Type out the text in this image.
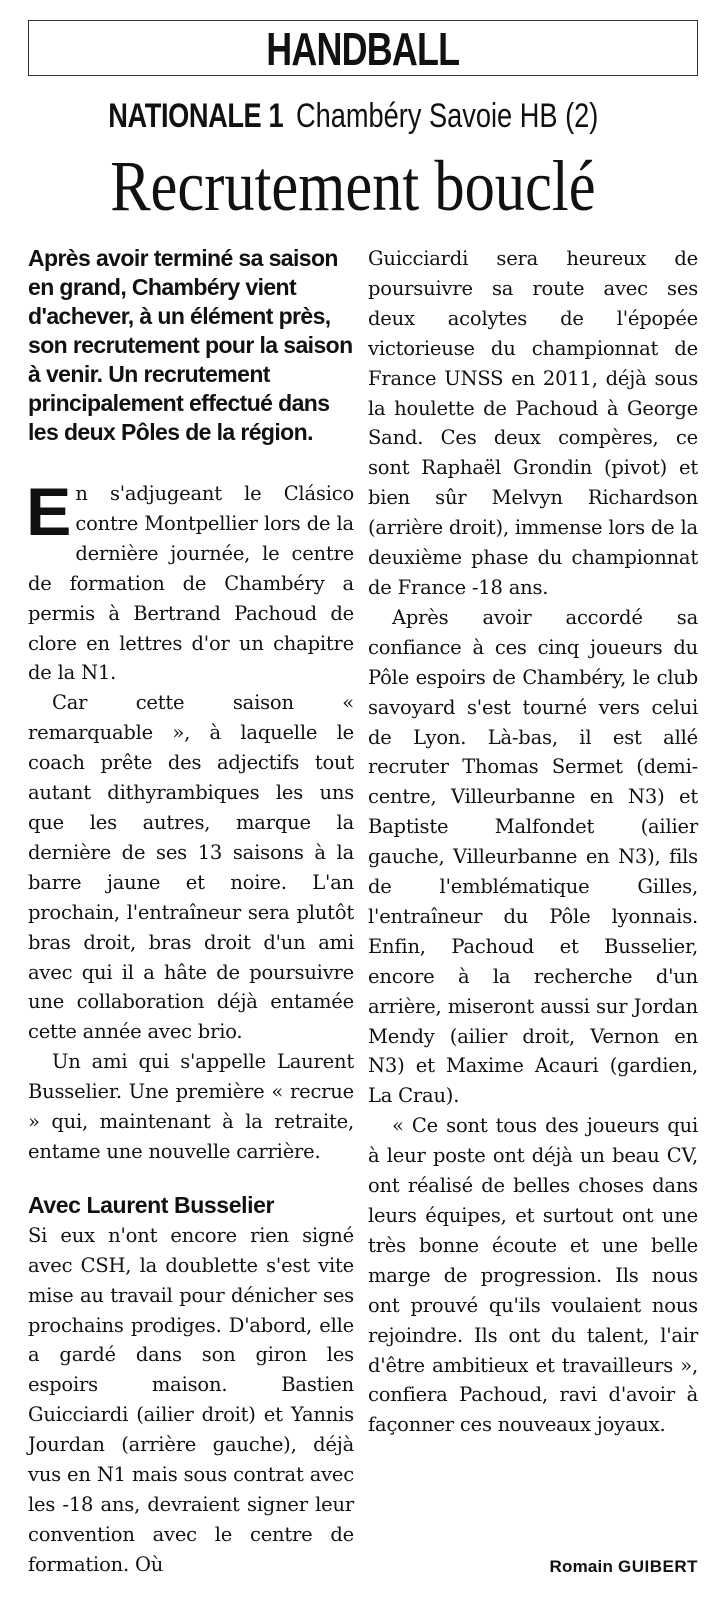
HANDBALL
NATIONALE 1 Chambéry Savoie HB (2)
Recrutement bouclé

Après avoir terminé sa saison en grand, Chambéry vient d'achever, à un élément près, son recrutement pour la saison à venir. Un recrutement principalement effectué dans les deux Pôles de la région.

En s'adjugeant le Clásico contre Montpellier lors de la dernière journée, le centre de formation de Chambéry a permis à Bertrand Pachoud de clore en lettres d'or un chapitre de la N1.

Car cette saison « remarquable », à laquelle le coach prête des adjectifs tout autant dithyrambiques les uns que les autres, marque la dernière de ses 13 saisons à la barre jaune et noire. L'an prochain, l'entraîneur sera plutôt bras droit, bras droit d'un ami avec qui il a hâte de poursuivre une collaboration déjà entamée cette année avec brio.

Un ami qui s'appelle Laurent Busselier. Une première « recrue » qui, maintenant à la retraite, entame une nouvelle carrière.

Avec Laurent Busselier

Si eux n'ont encore rien signé avec CSH, la doublette s'est vite mise au travail pour dénicher ses prochains prodiges. D'abord, elle a gardé dans son giron les espoirs maison. Bastien Guicciardi (ailier droit) et Yannis Jourdan (arrière gauche), déjà vus en N1 mais sous contrat avec les -18 ans, devraient signer leur convention avec le centre de formation. Où

Guicciardi sera heureux de poursuivre sa route avec ses deux acolytes de l'épopée victorieuse du championnat de France UNSS en 2011, déjà sous la houlette de Pachoud à George Sand. Ces deux compères, ce sont Raphaël Grondin (pivot) et bien sûr Melvyn Richardson (arrière droit), immense lors de la deuxième phase du championnat de France -18 ans.

Après avoir accordé sa confiance à ces cinq joueurs du Pôle espoirs de Chambéry, le club savoyard s'est tourné vers celui de Lyon. Là-bas, il est allé recruter Thomas Sermet (demi-centre, Villeurbanne en N3) et Baptiste Malfondet (ailier gauche, Villeurbanne en N3), fils de l'emblématique Gilles, l'entraîneur du Pôle lyonnais. Enfin, Pachoud et Busselier, encore à la recherche d'un arrière, miseront aussi sur Jordan Mendy (ailier droit, Vernon en N3) et Maxime Acauri (gardien, La Crau).

« Ce sont tous des joueurs qui à leur poste ont déjà un beau CV, ont réalisé de belles choses dans leurs équipes, et surtout ont une très bonne écoute et une belle marge de progression. Ils nous ont prouvé qu'ils voulaient nous rejoindre. Ils ont du talent, l'air d'être ambitieux et travailleurs », confiera Pachoud, ravi d'avoir à façonner ces nouveaux joyaux.

Romain GUIBERT
